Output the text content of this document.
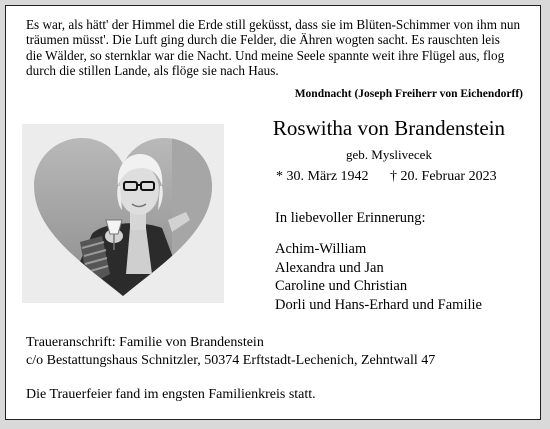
Es war, als hätt' der Himmel die Erde still geküsst, dass sie im Blüten-Schimmer von ihm nun
träumen müsst'. Die Luft ging durch die Felder, die Ähren wogten sacht. Es rauschten leis
die Wälder, so sternklar war die Nacht. Und meine Seele spannte weit ihre Flügel aus, flog
durch die stillen Lande, als flöge sie nach Haus.
Mondnacht (Joseph Freiherr von Eichendorff)
Roswitha von Brandenstein
geb. Myslivecek
* 30. März 1942 † 20. Februar 2023
In liebevoller Erinnerung:
Achim-William
Alexandra und Jan
Caroline und Christian
Dorli und Hans-Erhard und Familie
Traueranschrift: Familie von Brandenstein
c/o Bestattungshaus Schnitzler, 50374 Erftstadt-Lechenich, Zehntwall 47
Die Trauerfeier fand im engsten Familienkreis statt.
